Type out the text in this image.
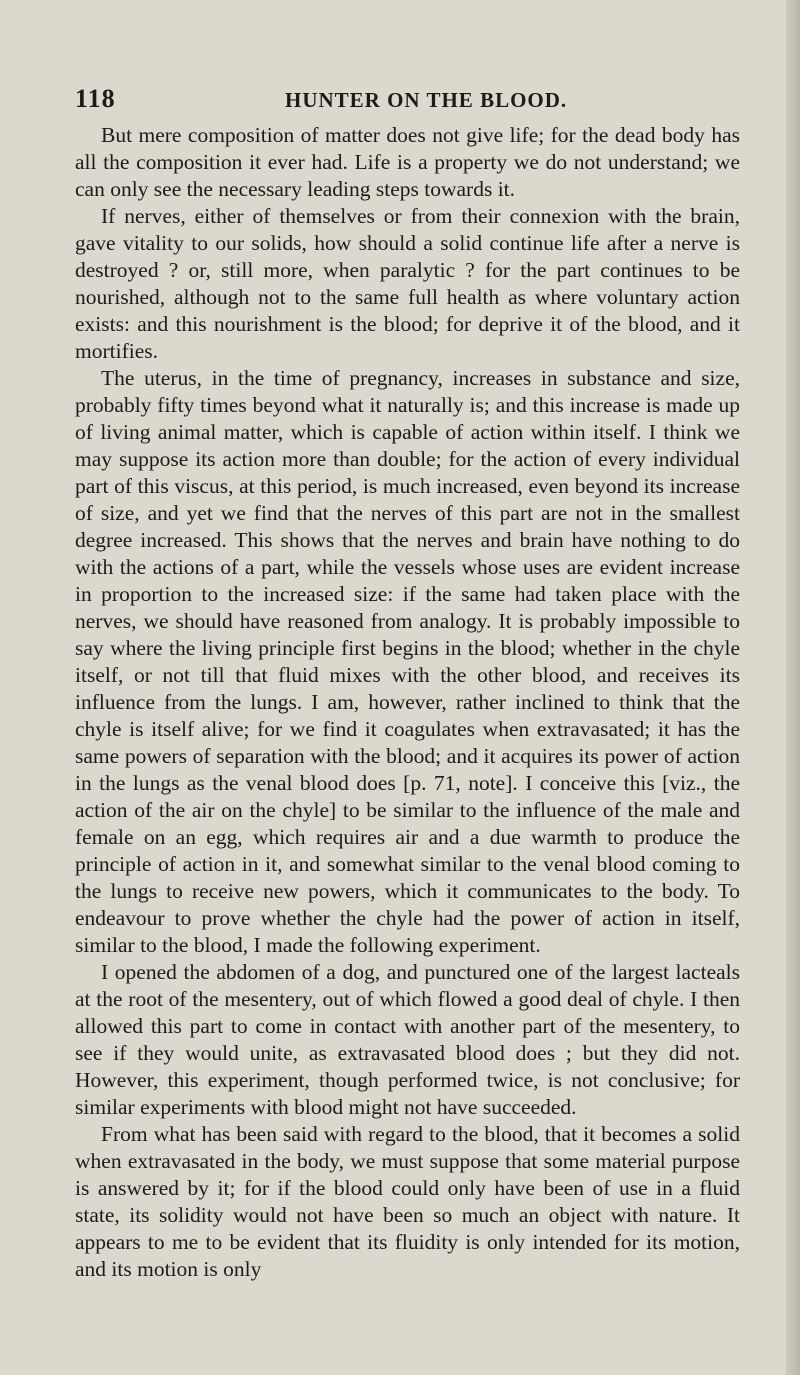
118	HUNTER ON THE BLOOD.

But mere composition of matter does not give life; for the dead body has all the composition it ever had. Life is a property we do not understand; we can only see the necessary leading steps towards it.

If nerves, either of themselves or from their connexion with the brain, gave vitality to our solids, how should a solid continue life after a nerve is destroyed ? or, still more, when paralytic ? for the part continues to be nourished, although not to the same full health as where voluntary action exists: and this nourishment is the blood; for deprive it of the blood, and it mortifies.

The uterus, in the time of pregnancy, increases in substance and size, probably fifty times beyond what it naturally is; and this increase is made up of living animal matter, which is capable of action within itself. I think we may suppose its action more than double; for the action of every individual part of this viscus, at this period, is much increased, even beyond its increase of size, and yet we find that the nerves of this part are not in the smallest degree increased. This shows that the nerves and brain have nothing to do with the actions of a part, while the vessels whose uses are evident increase in proportion to the increased size: if the same had taken place with the nerves, we should have reasoned from analogy. It is probably impossible to say where the living principle first begins in the blood; whether in the chyle itself, or not till that fluid mixes with the other blood, and receives its influence from the lungs. I am, however, rather inclined to think that the chyle is itself alive; for we find it coagulates when extravasated; it has the same powers of separation with the blood; and it acquires its power of action in the lungs as the venal blood does [p. 71, note]. I conceive this [viz., the action of the air on the chyle] to be similar to the influence of the male and female on an egg, which requires air and a due warmth to produce the principle of action in it, and somewhat similar to the venal blood coming to the lungs to receive new powers, which it communicates to the body. To endeavour to prove whether the chyle had the power of action in itself, similar to the blood, I made the following experiment.

I opened the abdomen of a dog, and punctured one of the largest lacteals at the root of the mesentery, out of which flowed a good deal of chyle. I then allowed this part to come in contact with another part of the mesentery, to see if they would unite, as extravasated blood does ; but they did not. However, this experiment, though performed twice, is not conclusive; for similar experiments with blood might not have succeeded.

From what has been said with regard to the blood, that it becomes a solid when extravasated in the body, we must suppose that some material purpose is answered by it; for if the blood could only have been of use in a fluid state, its solidity would not have been so much an object with nature. It appears to me to be evident that its fluidity is only intended for its motion, and its motion is only
